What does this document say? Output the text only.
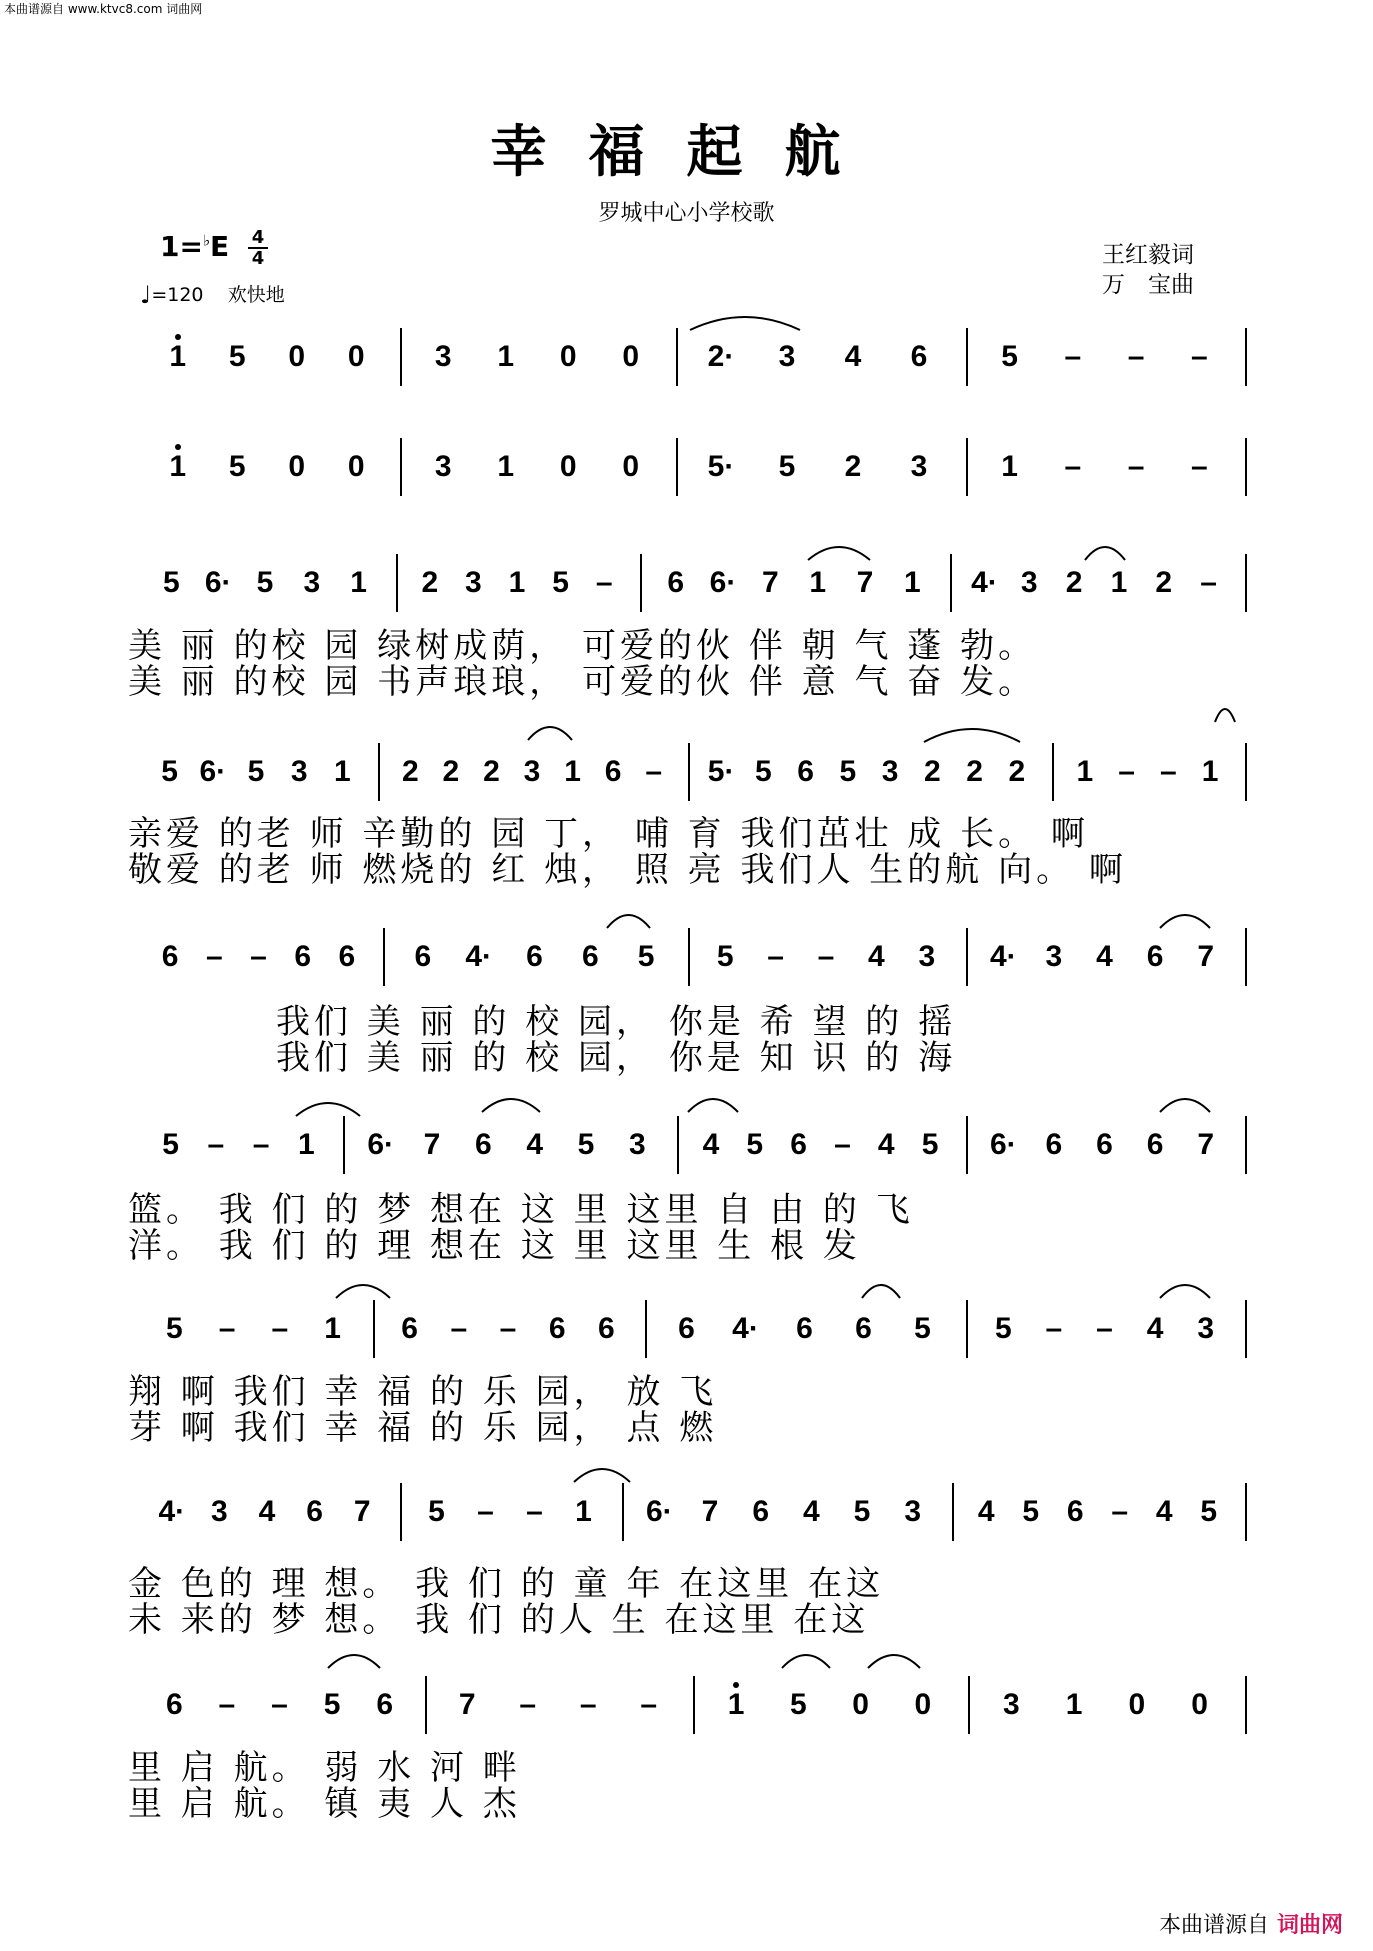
本曲谱源自 www.ktvc8.com 词曲网
幸福起航
罗城中心小学校歌
1=♭E 4
4
♩=120 欢快地
王红毅词
万　宝曲
1 5 0 0 3 1 0 0 2· 3 4 6 5 – – –
1 5 0 0 3 1 0 0 5· 5 2 3 1 – – –
5 6· 5 3 1 2 3 1 5 – 6 6· 7 1 7 1 4· 3 2 1 2 –
美 丽 的校 园 绿树成荫， 可爱的伙 伴 朝 气 蓬 勃。
美 丽 的校 园 书声琅琅， 可爱的伙 伴 意 气 奋 发。
5 6· 5 3 1 2 2 2 3 1 6 – 5· 5 6 5 3 2 2 2 1 – – 1
亲爱 的老 师 辛勤的 园 丁， 哺 育 我们茁壮 成 长。 啊
敬爱 的老 师 燃烧的 红 烛， 照 亮 我们人 生的航 向。 啊
6 – – 6 6 6 4· 6 6 5 5 – – 4 3 4· 3 4 6 7
我们 美 丽 的 校 园， 你是 希 望 的 摇
我们 美 丽 的 校 园， 你是 知 识 的 海
5 – – 1 6· 7 6 4 5 3 4 5 6 – 4 5 6· 6 6 6 7
篮。 我 们 的 梦 想在 这 里 这里 自 由 的 飞
洋。 我 们 的 理 想在 这 里 这里 生 根 发
5 – – 1 6 – – 6 6 6 4· 6 6 5 5 – – 4 3
翔 啊 我们 幸 福 的 乐 园， 放 飞
芽 啊 我们 幸 福 的 乐 园， 点 燃
4· 3 4 6 7 5 – – 1 6· 7 6 4 5 3 4 5 6 – 4 5
金 色的 理 想。 我 们 的 童 年 在这里 在这
未 来的 梦 想。 我 们 的人 生 在这里 在这
6 – – 5 6 7 – – – 1 5 0 0 3 1 0 0
里 启 航。 弱 水 河 畔
里 启 航。 镇 夷 人 杰
本曲谱源自 词曲网
